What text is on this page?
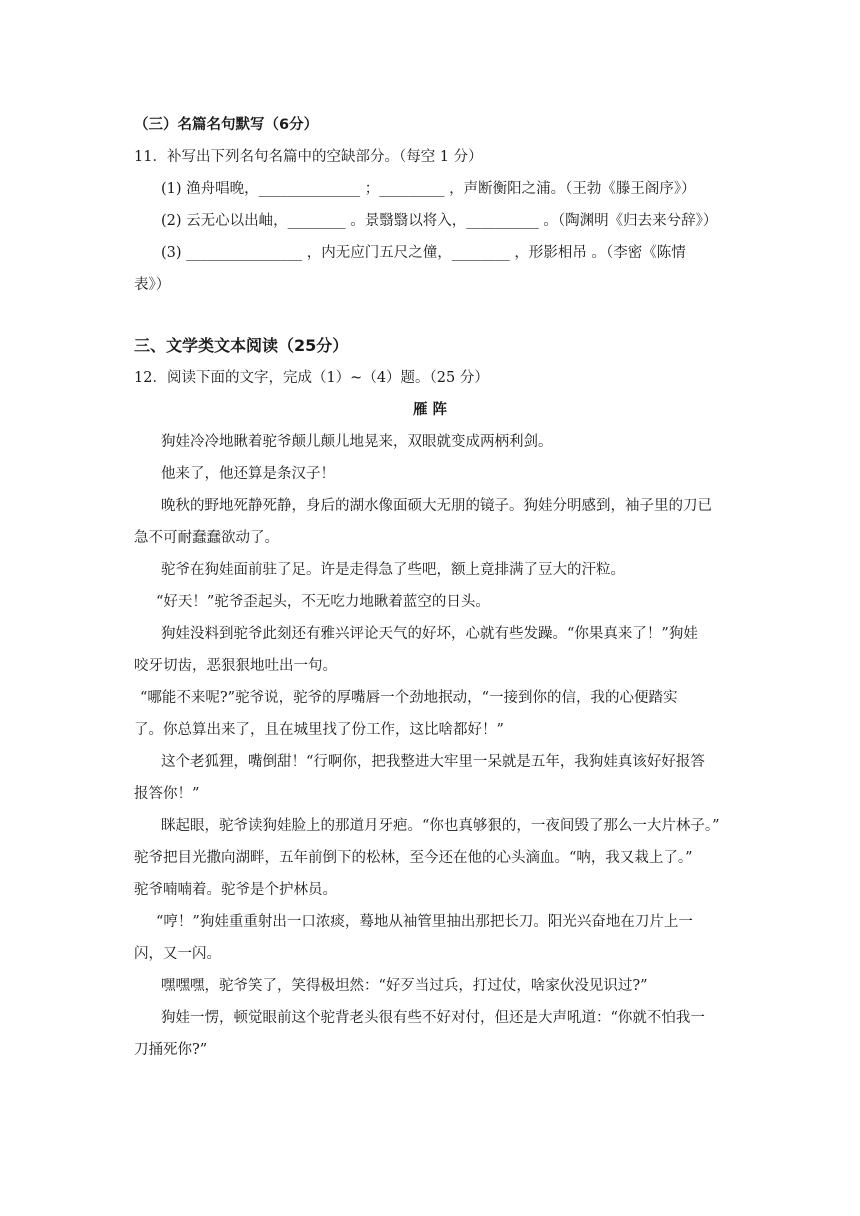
（三）名篇名句默写（6分）
11．补写出下列名句名篇中的空缺部分。（每空 1 分）
(1) 渔舟唱晚，______________ ；_________ ，声断衡阳之浦。（王勃《滕王阁序》）
(2) 云无心以出岫，________ 。景翳翳以将入，__________ 。（陶渊明《归去来兮辞》）
(3) ________________ ，内无应门五尺之僮，________ ，形影相吊 。（李密《陈情
表》）
三、文学类文本阅读（25分）
12．阅读下面的文字，完成（1）~（4）题。（25 分）
雁 阵
狗娃冷冷地瞅着驼爷颠儿颠儿地晃来，双眼就变成两柄利剑。
他来了，他还算是条汉子！
晚秋的野地死静死静，身后的湖水像面硕大无朋的镜子。狗娃分明感到，袖子里的刀已
急不可耐蠢蠢欲动了。
驼爷在狗娃面前驻了足。许是走得急了些吧，额上竟排满了豆大的汗粒。
“好天！”驼爷歪起头，不无吃力地瞅着蓝空的日头。
狗娃没料到驼爷此刻还有雅兴评论天气的好坏，心就有些发躁。“你果真来了！”狗娃
咬牙切齿，恶狠狠地吐出一句。
“哪能不来呢?”驼爷说，驼爷的厚嘴唇一个劲地抿动，“一接到你的信，我的心便踏实
了。你总算出来了，且在城里找了份工作，这比啥都好！”
这个老狐狸，嘴倒甜！“行啊你，把我整进大牢里一呆就是五年，我狗娃真该好好报答
报答你！”
眯起眼，驼爷读狗娃脸上的那道月牙疤。“你也真够狠的，一夜间毁了那么一大片林子。”
驼爷把目光撒向湖畔，五年前倒下的松林，至今还在他的心头滴血。“呐，我又栽上了。”
驼爷喃喃着。驼爷是个护林员。
“哼！”狗娃重重射出一口浓痰，蓦地从袖管里抽出那把长刀。阳光兴奋地在刀片上一
闪，又一闪。
嘿嘿嘿，驼爷笑了，笑得极坦然：“好歹当过兵，打过仗，啥家伙没见识过?”
狗娃一愣，顿觉眼前这个驼背老头很有些不好对付，但还是大声吼道：“你就不怕我一
刀捅死你?”
